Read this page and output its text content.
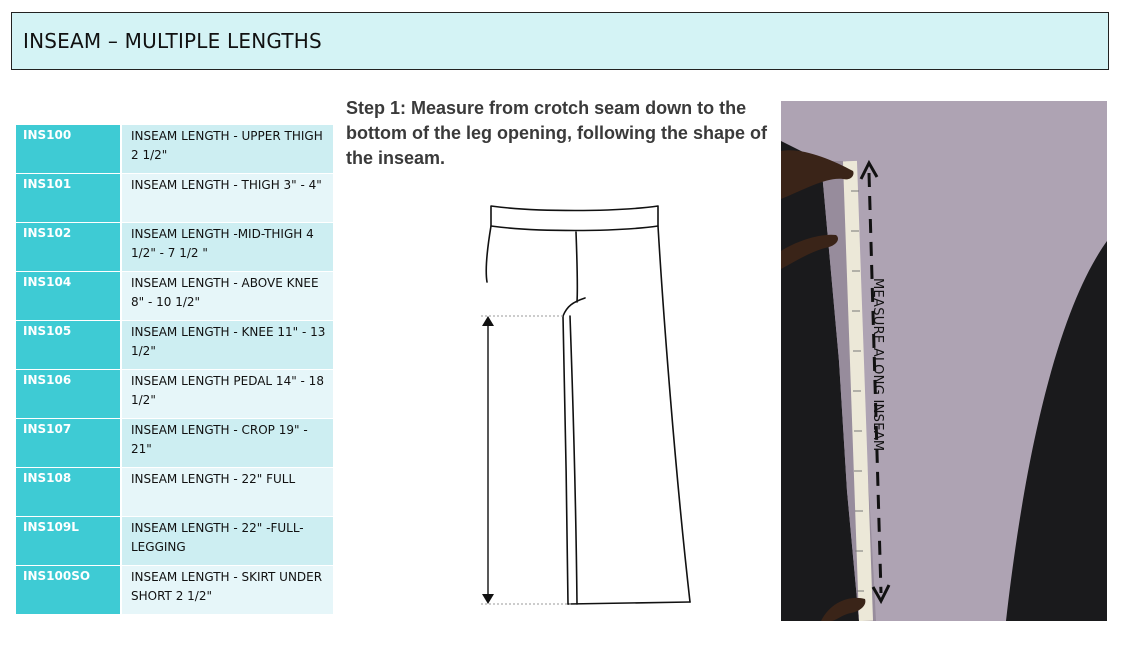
INSEAM – MULTIPLE LENGTHS
INS100	INSEAM LENGTH - UPPER THIGH 2 1/2"
INS101	INSEAM LENGTH - THIGH 3" - 4"
INS102	INSEAM LENGTH -MID-THIGH 4 1/2" - 7 1/2 "
INS104	INSEAM LENGTH - ABOVE KNEE 8" - 10 1/2"
INS105	INSEAM LENGTH - KNEE 11" - 13 1/2"
INS106	INSEAM LENGTH PEDAL 14" - 18 1/2"
INS107	INSEAM LENGTH - CROP 19" - 21"
INS108	INSEAM LENGTH - 22" FULL
INS109L	INSEAM LENGTH - 22" -FULL- LEGGING
INS100SO	INSEAM LENGTH - SKIRT UNDER SHORT 2 1/2"
Step 1: Measure from crotch seam down to the bottom of the leg opening, following the shape of the inseam.
MEASURE ALONG INSEAM
